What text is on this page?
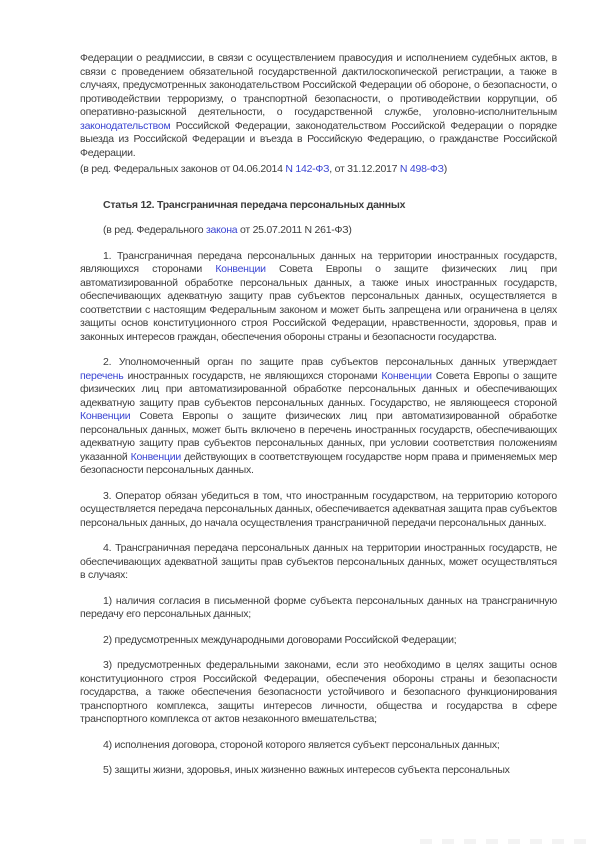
Федерации о реадмиссии, в связи с осуществлением правосудия и исполнением судебных актов, в связи с проведением обязательной государственной дактилоскопической регистрации, а также в случаях, предусмотренных законодательством Российской Федерации об обороне, о безопасности, о противодействии терроризму, о транспортной безопасности, о противодействии коррупции, об оперативно-разыскной деятельности, о государственной службе, уголовно-исполнительным законодательством Российской Федерации, законодательством Российской Федерации о порядке выезда из Российской Федерации и въезда в Российскую Федерацию, о гражданстве Российской Федерации.

(в ред. Федеральных законов от 04.06.2014 N 142-ФЗ, от 31.12.2017 N 498-ФЗ)

Статья 12. Трансграничная передача персональных данных

(в ред. Федерального закона от 25.07.2011 N 261-ФЗ)

1. Трансграничная передача персональных данных на территории иностранных государств, являющихся сторонами Конвенции Совета Европы о защите физических лиц при автоматизированной обработке персональных данных, а также иных иностранных государств, обеспечивающих адекватную защиту прав субъектов персональных данных, осуществляется в соответствии с настоящим Федеральным законом и может быть запрещена или ограничена в целях защиты основ конституционного строя Российской Федерации, нравственности, здоровья, прав и законных интересов граждан, обеспечения обороны страны и безопасности государства.

2. Уполномоченный орган по защите прав субъектов персональных данных утверждает перечень иностранных государств, не являющихся сторонами Конвенции Совета Европы о защите физических лиц при автоматизированной обработке персональных данных и обеспечивающих адекватную защиту прав субъектов персональных данных. Государство, не являющееся стороной Конвенции Совета Европы о защите физических лиц при автоматизированной обработке персональных данных, может быть включено в перечень иностранных государств, обеспечивающих адекватную защиту прав субъектов персональных данных, при условии соответствия положениям указанной Конвенции действующих в соответствующем государстве норм права и применяемых мер безопасности персональных данных.

3. Оператор обязан убедиться в том, что иностранным государством, на территорию которого осуществляется передача персональных данных, обеспечивается адекватная защита прав субъектов персональных данных, до начала осуществления трансграничной передачи персональных данных.

4. Трансграничная передача персональных данных на территории иностранных государств, не обеспечивающих адекватной защиты прав субъектов персональных данных, может осуществляться в случаях:

1) наличия согласия в письменной форме субъекта персональных данных на трансграничную передачу его персональных данных;

2) предусмотренных международными договорами Российской Федерации;

3) предусмотренных федеральными законами, если это необходимо в целях защиты основ конституционного строя Российской Федерации, обеспечения обороны страны и безопасности государства, а также обеспечения безопасности устойчивого и безопасного функционирования транспортного комплекса, защиты интересов личности, общества и государства в сфере транспортного комплекса от актов незаконного вмешательства;

4) исполнения договора, стороной которого является субъект персональных данных;

5) защиты жизни, здоровья, иных жизненно важных интересов субъекта персональных
